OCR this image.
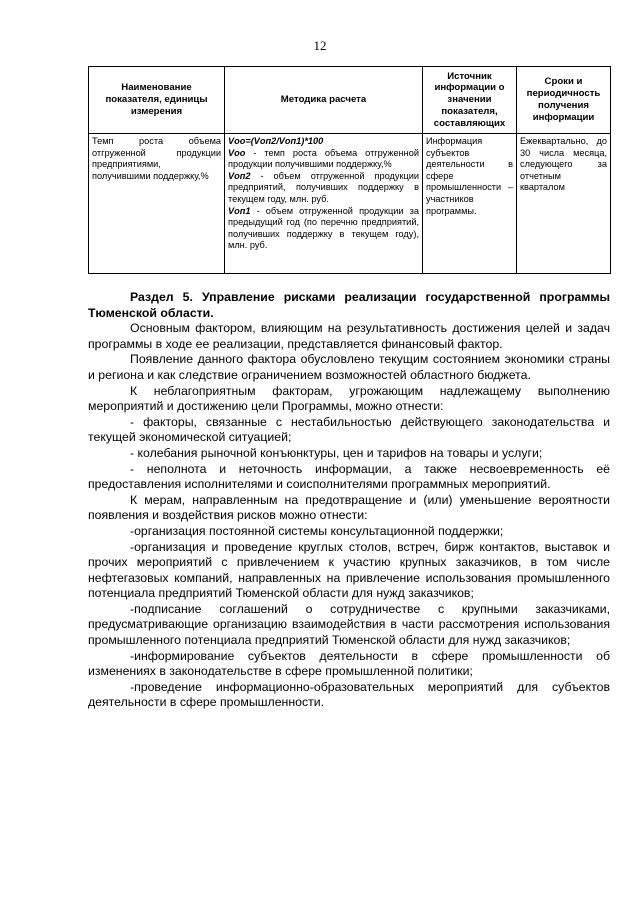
12
Наименование показателя, единицы измерения	Методика расчета	Источник информации о значении показателя, составляющих	Сроки и периодичность получения информации
Темп роста объема отгруженной продукции предприятиями, получившими поддержку,%	Vоо=(Vоп2/Vоп1)*100
Vоо - темп роста объема отгруженной продукции получившими поддержку,%
Vоп2 - объем отгруженной продукции предприятий, получивших поддержку в текущем году, млн. руб.
Vоп1 - объем отгруженной продукции за предыдущий год (по перечню предприятий, получивших поддержку в текущем году), млн. руб.	Информация субъектов деятельности в сфере промышленности –участников программы.	Ежеквартально, до 30 числа месяца, следующего за отчетным кварталом

Раздел 5. Управление рисками реализации государственной программы Тюменской области.

Основным фактором, влияющим на результативность достижения целей и задач программы в ходе ее реализации, представляется финансовый фактор.

Появление данного фактора обусловлено текущим состоянием экономики страны и региона и как следствие ограничением возможностей областного бюджета.

К неблагоприятным факторам, угрожающим надлежащему выполнению мероприятий и достижению цели Программы, можно отнести:

- факторы, связанные с нестабильностью действующего законодательства и текущей экономической ситуацией;

- колебания рыночной конъюнктуры, цен и тарифов на товары и услуги;

- неполнота и неточность информации, а также несвоевременность её предоставления исполнителями и соисполнителями программных мероприятий.

К мерам, направленным на предотвращение и (или) уменьшение вероятности появления и воздействия рисков можно отнести:

-организация постоянной системы консультационной поддержки;

-организация и проведение круглых столов, встреч, бирж контактов, выставок и прочих мероприятий с привлечением к участию крупных заказчиков, в том числе нефтегазовых компаний, направленных на привлечение использования промышленного потенциала предприятий Тюменской области для нужд заказчиков;

-подписание соглашений о сотрудничестве с крупными заказчиками, предусматривающие организацию взаимодействия в части рассмотрения использования промышленного потенциала предприятий Тюменской области для нужд заказчиков;

-информирование субъектов деятельности в сфере промышленности об изменениях в законодательстве в сфере промышленной политики;

-проведение информационно-образовательных мероприятий для субъектов деятельности в сфере промышленности.
